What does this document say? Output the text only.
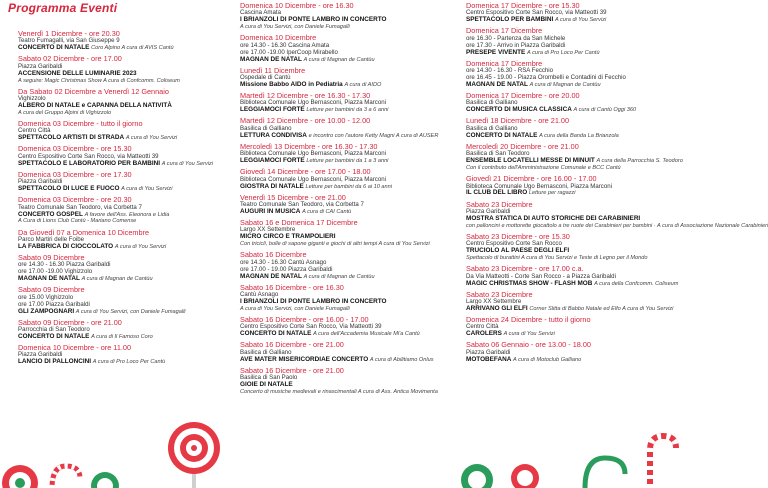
Programma Eventi
Venerdì 1 Dicembre - ore 20.30
Teatro Fumagalli, via San Giuseppe 9
CONCERTO DI NATALE Coro Alpino A cura di AVIS Cantù
Sabato 02 Dicembre - ore 17.00
Piazza Garibaldi
ACCENSIONE DELLE LUMINARIE 2023
A seguire: Magic Christmas Show A cura di Confcomm. Coliseum
Da Sabato 02 Dicembre a Venerdì 12 Gennaio
Vighizzolo
ALBERO DI NATALE e CAPANNA DELLA NATIVITÀ
A cura del Gruppo Alpini di Vighizzolo
Domenica 03 Dicembre - tutto il giorno
Centro Città
SPETTACOLO ARTISTI DI STRADA A cura di You Servizi
Domenica 03 Dicembre - ore 15.30
Centro Espositivo Corte San Rocco, via Matteotti 39
SPETTACOLO E LABORATORIO PER BAMBINI A cura di You Servizi
Domenica 03 Dicembre - ore 17.30
Piazza Garibaldi
SPETTACOLO DI LUCE E FUOCO A cura di You Servizi
Domenica 03 Dicembre - ore 20.30
Teatro Comunale San Teodoro, via Corbetta 7
CONCERTO GOSPEL A favore dell'Ass. Eleonora e Lidia
A Cura di Lions Club Cantù - Mariano Comense
Da Giovedì 07 a Domenica 10 Dicembre
Parco Martiri delle Foibe
LA FABBRICA DI CIOCCOLATO A cura di You Servizi
Sabato 09 Dicembre
ore 14.30 - 16.30 Piazza Garibaldi
ore 17.00 -19.00 Vighizzolo
MAGNAN DE NATAL A cura di Magnan de Cantùu
Sabato 09 Dicembre
ore 15.00 Vighizzolo
ore 17.00 Piazza Garibaldi
GLI ZAMPOGNARI A cura di You Servizi, con Daniele Fumagalli
Sabato 09 Dicembre - ore 21.00
Parrocchia di San Teodoro
CONCERTO DI NATALE A cura di Il Famoso Coro
Domenica 10 Dicembre - ore 11.00
Piazza Garibaldi
LANCIO DI PALLONCINI A cura di Pro Loco Per Cantù
Domenica 10 Dicembre - ore 16.30
Cascina Amata
I BRIANZOLI DI PONTE LAMBRO IN CONCERTO
A cura di You Servizi, con Daniele Fumagalli
Domenica 10 Dicembre
ore 14.30 - 16.30 Cascina Amata
ore 17.00 -19.00 IperCoop Mirabello
MAGNAN DE NATAL A cura di Magnan de Cantùu
Lunedì 11 Dicembre
Ospedale di Cantù
Missione Babbo AIDO in Pediatria A cura di AIDO
Martedì 12 Dicembre - ore 16.30 - 17.30
Biblioteca Comunale Ugo Bernasconi, Piazza Marconi
LEGGIAMOCI FORTE Letture per bambini da 3 a 6 anni
Martedì 12 Dicembre - ore 10.00 - 12.00
Basilica di Galliano
LETTURA CONDIVISA e incontro con l'autore Ketty Magni A cura di AUSER
Mercoledì 13 Dicembre - ore 16.30 - 17.30
Biblioteca Comunale Ugo Bernasconi, Piazza Marconi
LEGGIAMOCI FORTE Letture per bambini da 1 a 3 anni
Giovedì 14 Dicembre - ore 17.00 - 18.00
Biblioteca Comunale Ugo Bernasconi, Piazza Marconi
GIOSTRA DI NATALE Letture per bambini da 6 ai 10 anni
Venerdì 15 Dicembre - ore 21.00
Teatro Comunale San Teodoro, via Corbetta 7
AUGURI IN MUSICA A cura di CAI Cantù
Sabato 16 e Domenica 17 Dicembre
Largo XX Settembre
MICRO CIRCO E TRAMPOLIERI
Con tricicli, bolle di sapone giganti e giochi di altri tempi A cura di You Servizi
Sabato 16 Dicembre
ore 14.30 - 16.30 Cantù Asnago
ore 17.00 - 19.00 Piazza Garibaldi
MAGNAN DE NATAL A cura di Magnan de Cantùu
Sabato 16 Dicembre - ore 16.30
Cantù Asnago
I BRIANZOLI DI PONTE LAMBRO IN CONCERTO
A cura di You Servizi, con Daniele Fumagalli
Sabato 16 Dicembre - ore 16.00 - 17.00
Centro Espositivo Corte San Rocco, Via Matteotti 39
CONCERTO DI NATALE A cura dell'Accademia Musicale Mi'a Cantù
Sabato 16 Dicembre - ore 21.00
Basilica di Galliano
AVE MATER MISERICORDIAE CONCERTO A cura di Abilitiamo Onlus
Sabato 16 Dicembre - ore 21.00
Basilica di San Paolo
GIOIE DI NATALE
Concerto di musiche medievali e rinascimentali A cura di Ass. Antica Movimenta
Domenica 17 Dicembre - ore 15.30
Centro Espositivo Corte San Rocco, via Matteotti 39
SPETTACOLO PER BAMBINI A cura di You Servizi
Domenica 17 Dicembre
ore 16.30 - Partenza da San Michele
ore 17.30 - Arrivo in Piazza Garibaldi
PRESEPE VIVENTE A cura di Pro Loco Per Cantù
Domenica 17 Dicembre
ore 14.30 - 16.30 - RSA Fecchio
ore 16.45 - 19.00 - Piazza Orombelli e Contadini di Fecchio
MAGNAN DE NATAL A cura di Magnan de Cantùu
Domenica 17 Dicembre - ore 20.00
Basilica di Galliano
CONCERTO DI MUSICA CLASSICA A cura di Cantù Oggi 360
Lunedì 18 Dicembre - ore 21.00
Basilica di Galliano
CONCERTO DI NATALE A cura della Banda La Brianzola
Mercoledì 20 Dicembre - ore 21.00
Basilica di San Teodoro
ENSEMBLE LOCATELLI MESSE DI MINUIT A cura della Parrocchia S. Teodoro
Con il contributo dell'Amministrazione Comunale e BCC Cantù
Giovedì 21 Dicembre - ore 16.00 - 17.00
Biblioteca Comunale Ugo Bernasconi, Piazza Marconi
IL CLUB DEL LIBRO Letture per ragazzi
Sabato 23 Dicembre
Piazza Garibaldi
MOSTRA STATICA DI AUTO STORICHE DEI CARABINIERI
con palloncini e mottorette giocattolo a tre ruote dei Carabinieri per bambini · A cura di Associazione Nazionale Carabinieri
Sabato 23 Dicembre - ore 15.30
Centro Espositivo Corte San Rocco
TRUCIOLO AL PAESE DEGLI ELFI
Spettacolo di burattini A cura di You Servizi e Teste di Legno per il Mondo
Sabato 23 Dicembre - ore 17.00 c.a.
Da Via Matteotti - Corte San Rocco - a Piazza Garibaldi
MAGIC CHRISTMAS SHOW - FLASH MOB A cura della Confcomm. Coliseum
Sabato 23 Dicembre
Largo XX Settembre
ARRIVANO GLI ELFI Corner Slitta di Babbo Natale ed Elfo A cura di You Servizi
Domenica 24 Dicembre - tutto il giorno
Centro Città
CAROLERS A cura di You Servizi
Sabato 06 Gennaio - ore 13.00 - 18.00
Piazza Garibaldi
MOTOBEFANA A cura di Motoclub Galliano
